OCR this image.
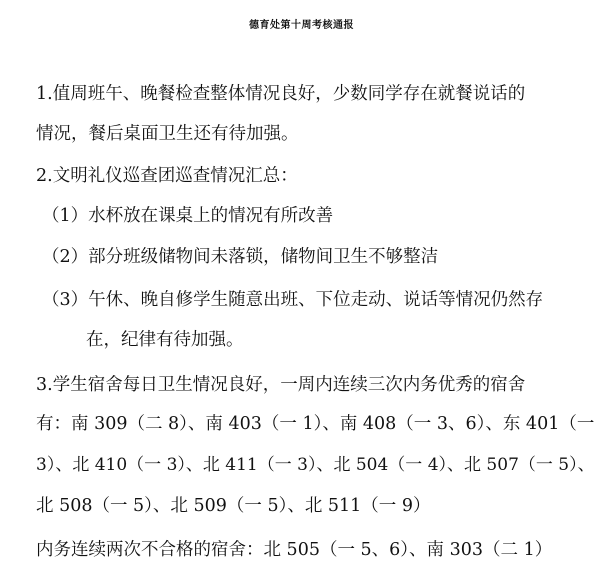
德育处第十周考核通报
1.值周班午、晚餐检查整体情况良好，少数同学存在就餐说话的
情况，餐后桌面卫生还有待加强。
2.文明礼仪巡查团巡查情况汇总：
（1）水杯放在课桌上的情况有所改善
（2）部分班级储物间未落锁，储物间卫生不够整洁
（3）午休、晚自修学生随意出班、下位走动、说话等情况仍然存
在，纪律有待加强。
3.学生宿舍每日卫生情况良好，一周内连续三次内务优秀的宿舍
有：南 309（二 8）、南 403（一 1）、南 408（一 3、6）、东 401（一
3）、北 410（一 3）、北 411（一 3）、北 504（一 4）、北 507（一 5）、
北 508（一 5）、北 509（一 5）、北 511（一 9）
内务连续两次不合格的宿舍：北 505（一 5、6）、南 303（二 1）
